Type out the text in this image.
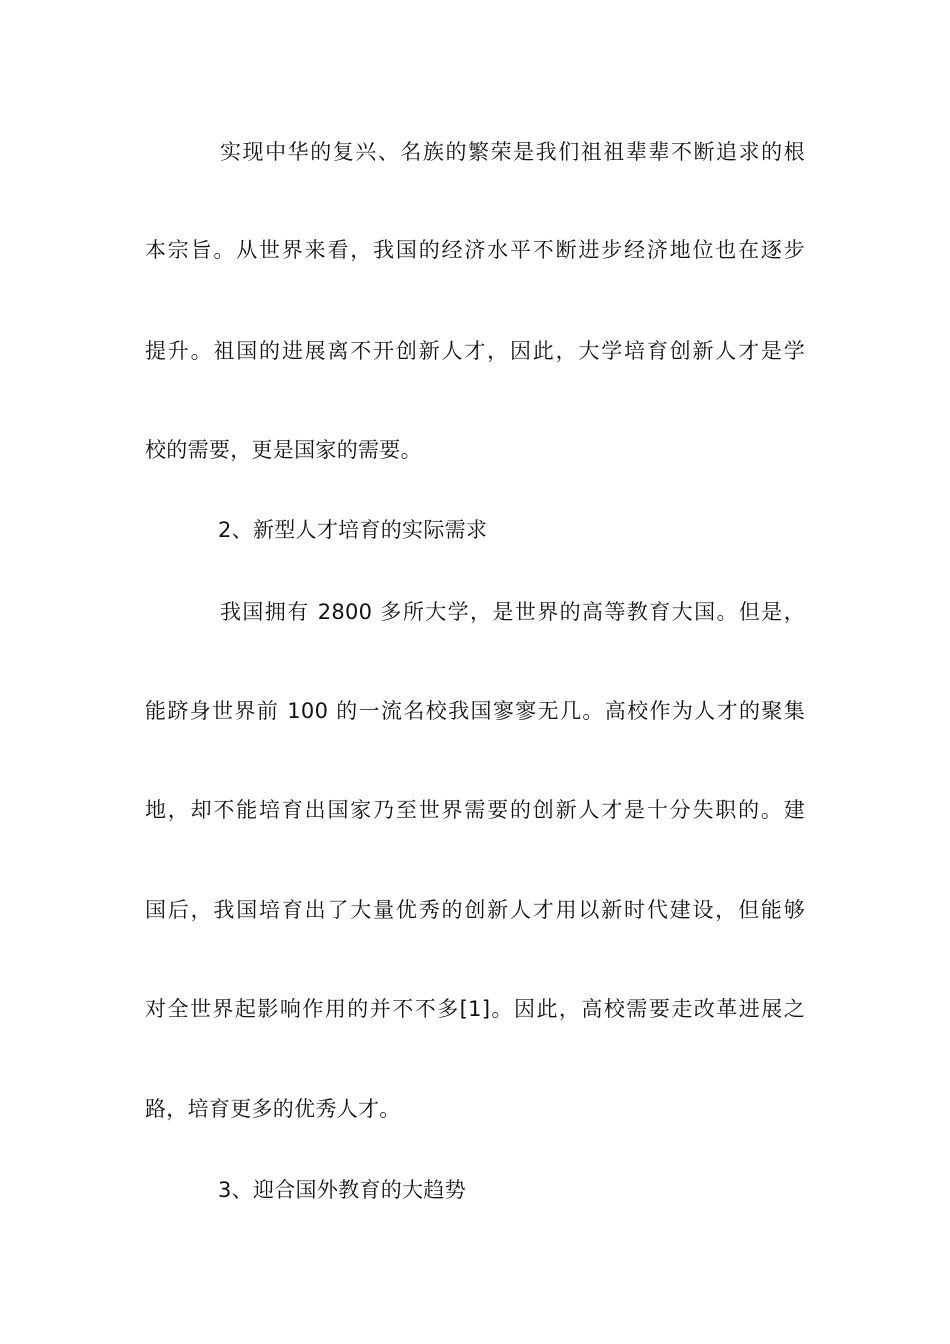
实现中华的复兴、名族的繁荣是我们祖祖辈辈不断追求的根
本宗旨。从世界来看，我国的经济水平不断进步经济地位也在逐步
提升。祖国的进展离不开创新人才，因此，大学培育创新人才是学
校的需要，更是国家的需要。
2、新型人才培育的实际需求
我国拥有 2800 多所大学，是世界的高等教育大国。但是，
能跻身世界前 100 的一流名校我国寥寥无几。高校作为人才的聚集
地，却不能培育出国家乃至世界需要的创新人才是十分失职的。建
国后，我国培育出了大量优秀的创新人才用以新时代建设，但能够
对全世界起影响作用的并不不多[1]。因此，高校需要走改革进展之
路，培育更多的优秀人才。
3、迎合国外教育的大趋势
